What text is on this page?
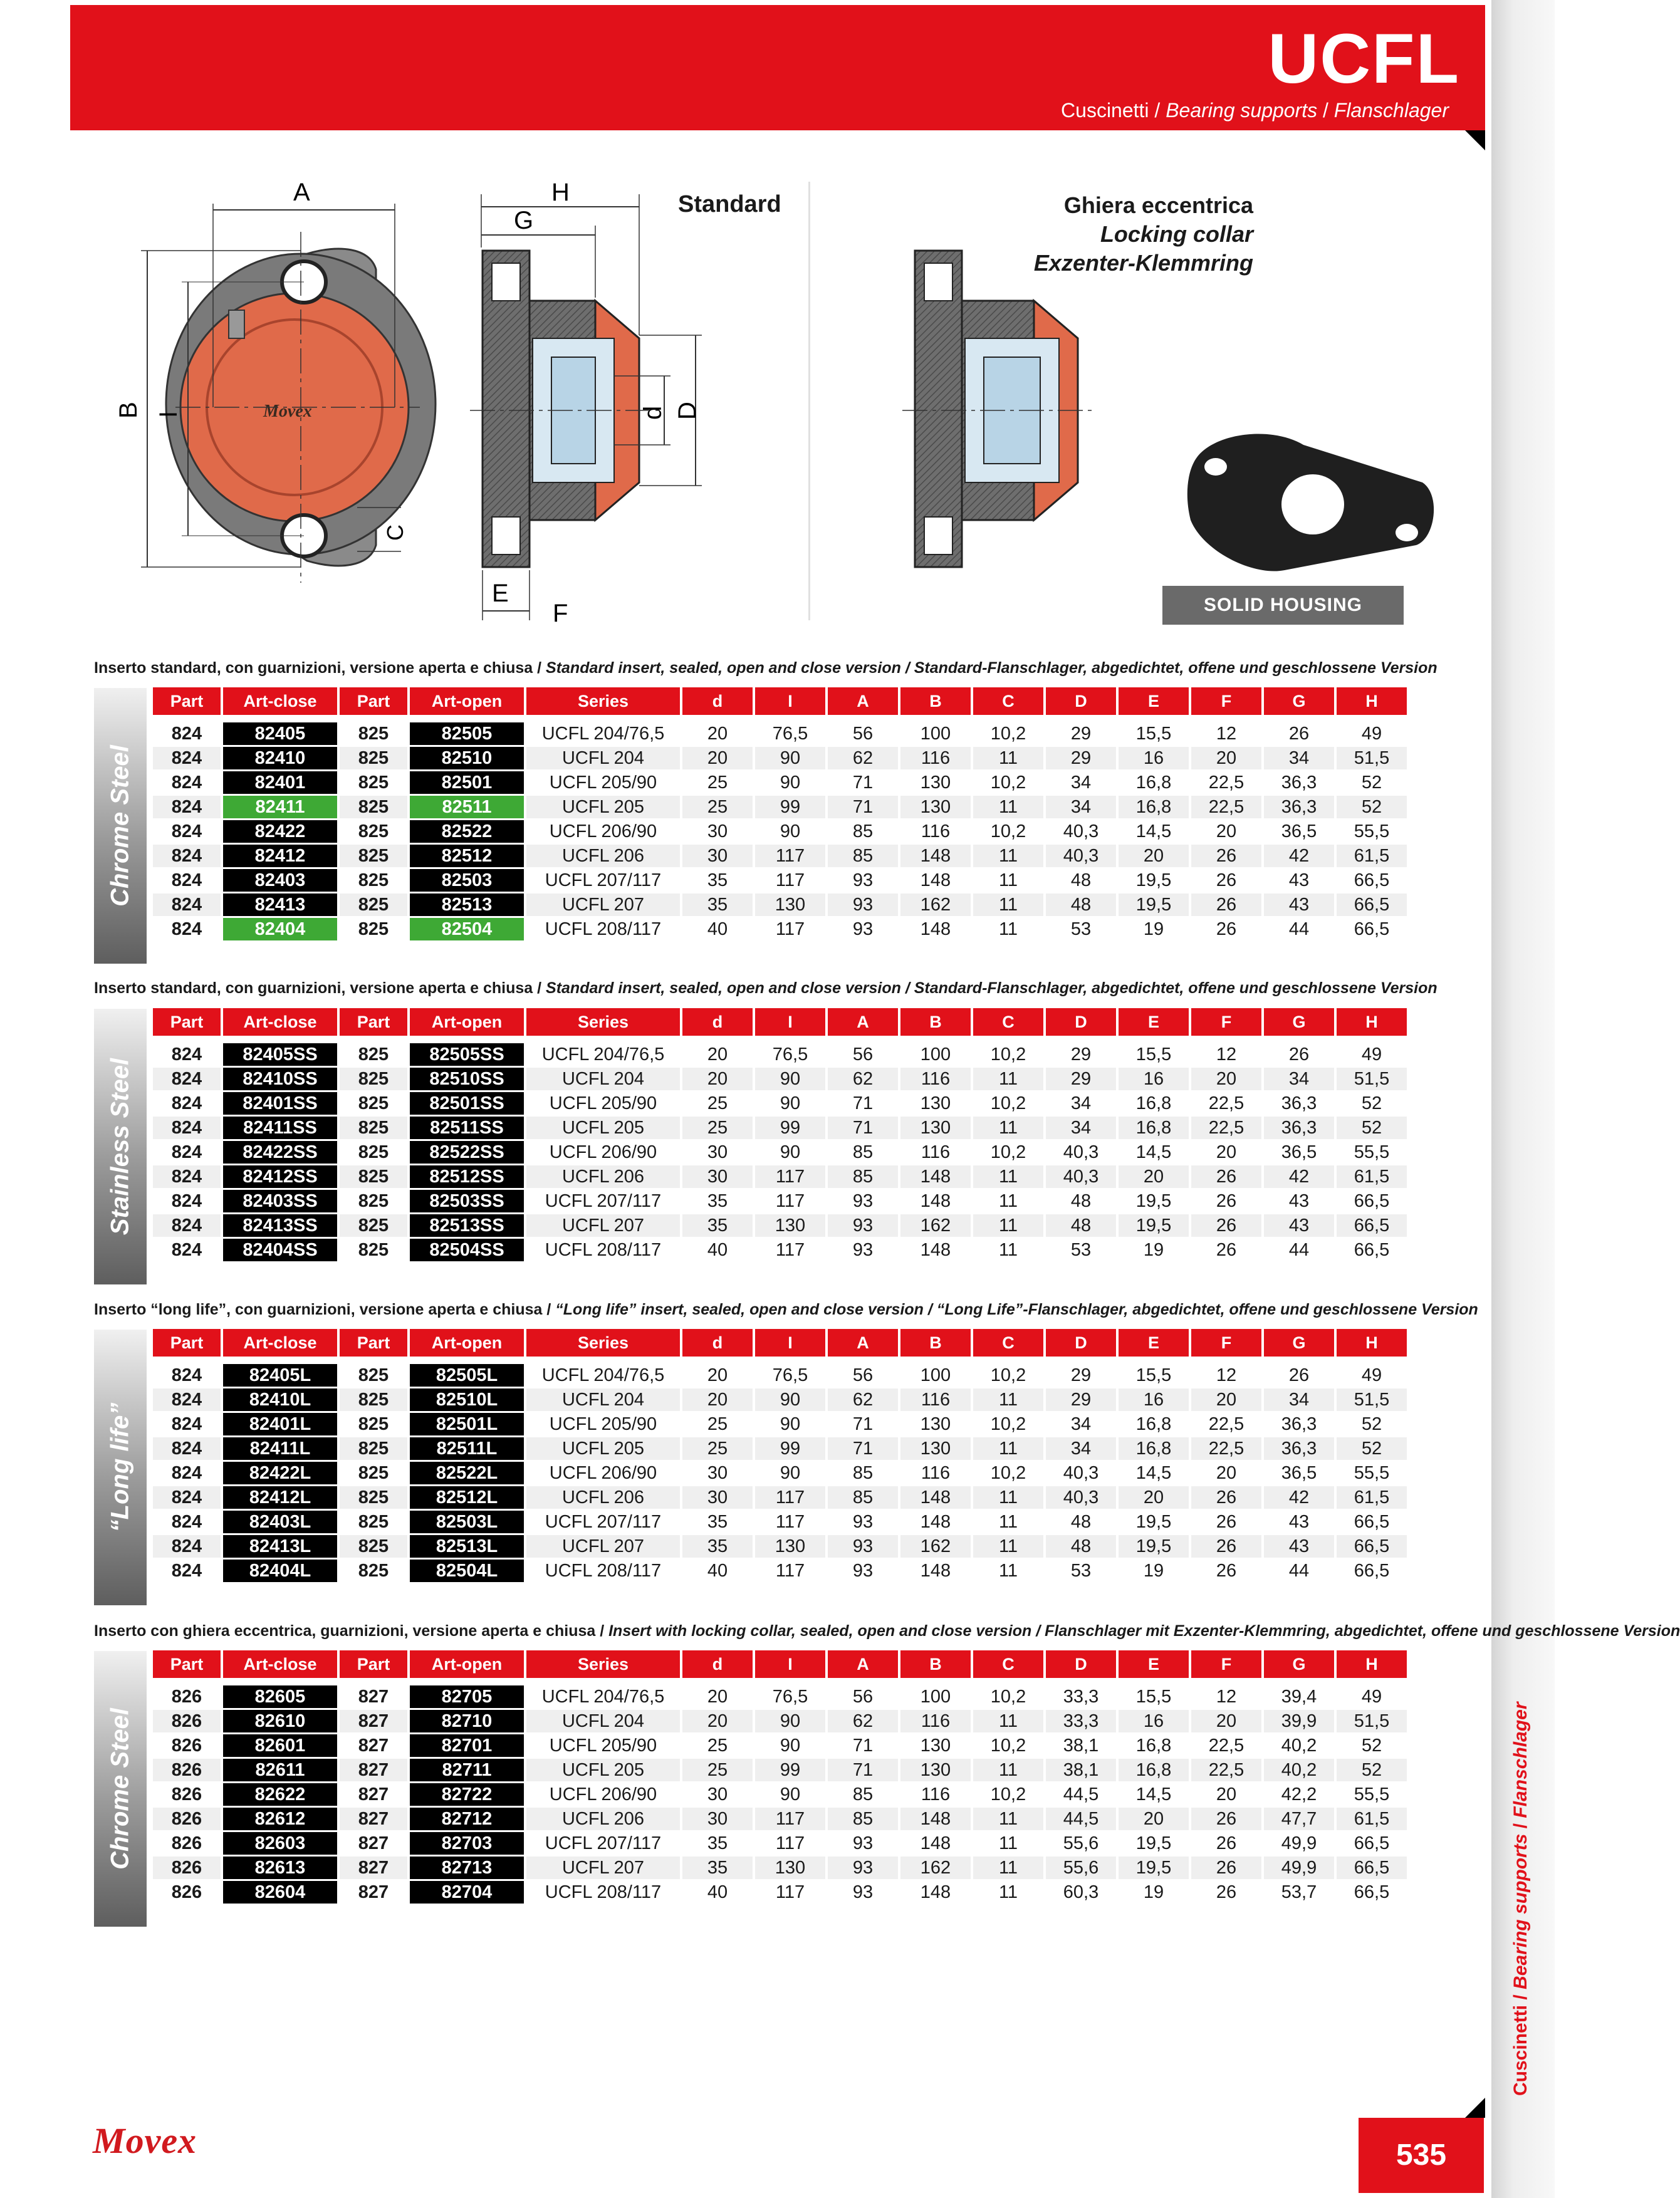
UCFL
Cuscinetti / Bearing supports / Flanschlager
Movex
A
B I
C
H
G
d D
E
F
Standard	Ghiera eccentrica
Locking collar
Exzenter-Klemmring
SOLID HOUSING
Inserto standard, con guarnizioni, versione aperta e chiusa / Standard insert, sealed, open and close version / Standard-Flanschlager, abgedichtet, offene und geschlossene Version
Chrome Steel
Part	Art-close	Part	Art-open	Series	d	I	A	B	C	D	E	F	G	H

824	82405	825	82505	UCFL 204/76,5	20	76,5	56	100	10,2	29	15,5	12	26	49
824	82410	825	82510	UCFL 204	20	90	62	116	11	29	16	20	34	51,5
824	82401	825	82501	UCFL 205/90	25	90	71	130	10,2	34	16,8	22,5	36,3	52
824	82411	825	82511	UCFL 205	25	99	71	130	11	34	16,8	22,5	36,3	52
824	82422	825	82522	UCFL 206/90	30	90	85	116	10,2	40,3	14,5	20	36,5	55,5
824	82412	825	82512	UCFL 206	30	117	85	148	11	40,3	20	26	42	61,5
824	82403	825	82503	UCFL 207/117	35	117	93	148	11	48	19,5	26	43	66,5
824	82413	825	82513	UCFL 207	35	130	93	162	11	48	19,5	26	43	66,5
824	82404	825	82504	UCFL 208/117	40	117	93	148	11	53	19	26	44	66,5
Inserto standard, con guarnizioni, versione aperta e chiusa / Standard insert, sealed, open and close version / Standard-Flanschlager, abgedichtet, offene und geschlossene Version
Stainless Steel
Part	Art-close	Part	Art-open	Series	d	I	A	B	C	D	E	F	G	H

824	82405SS	825	82505SS	UCFL 204/76,5	20	76,5	56	100	10,2	29	15,5	12	26	49
824	82410SS	825	82510SS	UCFL 204	20	90	62	116	11	29	16	20	34	51,5
824	82401SS	825	82501SS	UCFL 205/90	25	90	71	130	10,2	34	16,8	22,5	36,3	52
824	82411SS	825	82511SS	UCFL 205	25	99	71	130	11	34	16,8	22,5	36,3	52
824	82422SS	825	82522SS	UCFL 206/90	30	90	85	116	10,2	40,3	14,5	20	36,5	55,5
824	82412SS	825	82512SS	UCFL 206	30	117	85	148	11	40,3	20	26	42	61,5
824	82403SS	825	82503SS	UCFL 207/117	35	117	93	148	11	48	19,5	26	43	66,5
824	82413SS	825	82513SS	UCFL 207	35	130	93	162	11	48	19,5	26	43	66,5
824	82404SS	825	82504SS	UCFL 208/117	40	117	93	148	11	53	19	26	44	66,5
Inserto “long life”, con guarnizioni, versione aperta e chiusa / “Long life” insert, sealed, open and close version / “Long Life”-Flanschlager, abgedichtet, offene und geschlossene Version
“Long life”
Part	Art-close	Part	Art-open	Series	d	I	A	B	C	D	E	F	G	H

824	82405L	825	82505L	UCFL 204/76,5	20	76,5	56	100	10,2	29	15,5	12	26	49
824	82410L	825	82510L	UCFL 204	20	90	62	116	11	29	16	20	34	51,5
824	82401L	825	82501L	UCFL 205/90	25	90	71	130	10,2	34	16,8	22,5	36,3	52
824	82411L	825	82511L	UCFL 205	25	99	71	130	11	34	16,8	22,5	36,3	52
824	82422L	825	82522L	UCFL 206/90	30	90	85	116	10,2	40,3	14,5	20	36,5	55,5
824	82412L	825	82512L	UCFL 206	30	117	85	148	11	40,3	20	26	42	61,5
824	82403L	825	82503L	UCFL 207/117	35	117	93	148	11	48	19,5	26	43	66,5
824	82413L	825	82513L	UCFL 207	35	130	93	162	11	48	19,5	26	43	66,5
824	82404L	825	82504L	UCFL 208/117	40	117	93	148	11	53	19	26	44	66,5
Inserto con ghiera eccentrica, guarnizioni, versione aperta e chiusa / Insert with locking collar, sealed, open and close version / Flanschlager mit Exzenter-Klemmring, abgedichtet, offene und geschlossene Version
Chrome Steel
Part	Art-close	Part	Art-open	Series	d	I	A	B	C	D	E	F	G	H

826	82605	827	82705	UCFL 204/76,5	20	76,5	56	100	10,2	33,3	15,5	12	39,4	49
826	82610	827	82710	UCFL 204	20	90	62	116	11	33,3	16	20	39,9	51,5
826	82601	827	82701	UCFL 205/90	25	90	71	130	10,2	38,1	16,8	22,5	40,2	52
826	82611	827	82711	UCFL 205	25	99	71	130	11	38,1	16,8	22,5	40,2	52
826	82622	827	82722	UCFL 206/90	30	90	85	116	10,2	44,5	14,5	20	42,2	55,5
826	82612	827	82712	UCFL 206	30	117	85	148	11	44,5	20	26	47,7	61,5
826	82603	827	82703	UCFL 207/117	35	117	93	148	11	55,6	19,5	26	49,9	66,5
826	82613	827	82713	UCFL 207	35	130	93	162	11	55,6	19,5	26	49,9	66,5
826	82604	827	82704	UCFL 208/117	40	117	93	148	11	60,3	19	26	53,7	66,5
Movex	535
Cuscinetti / Bearing supports / Flanschlager
